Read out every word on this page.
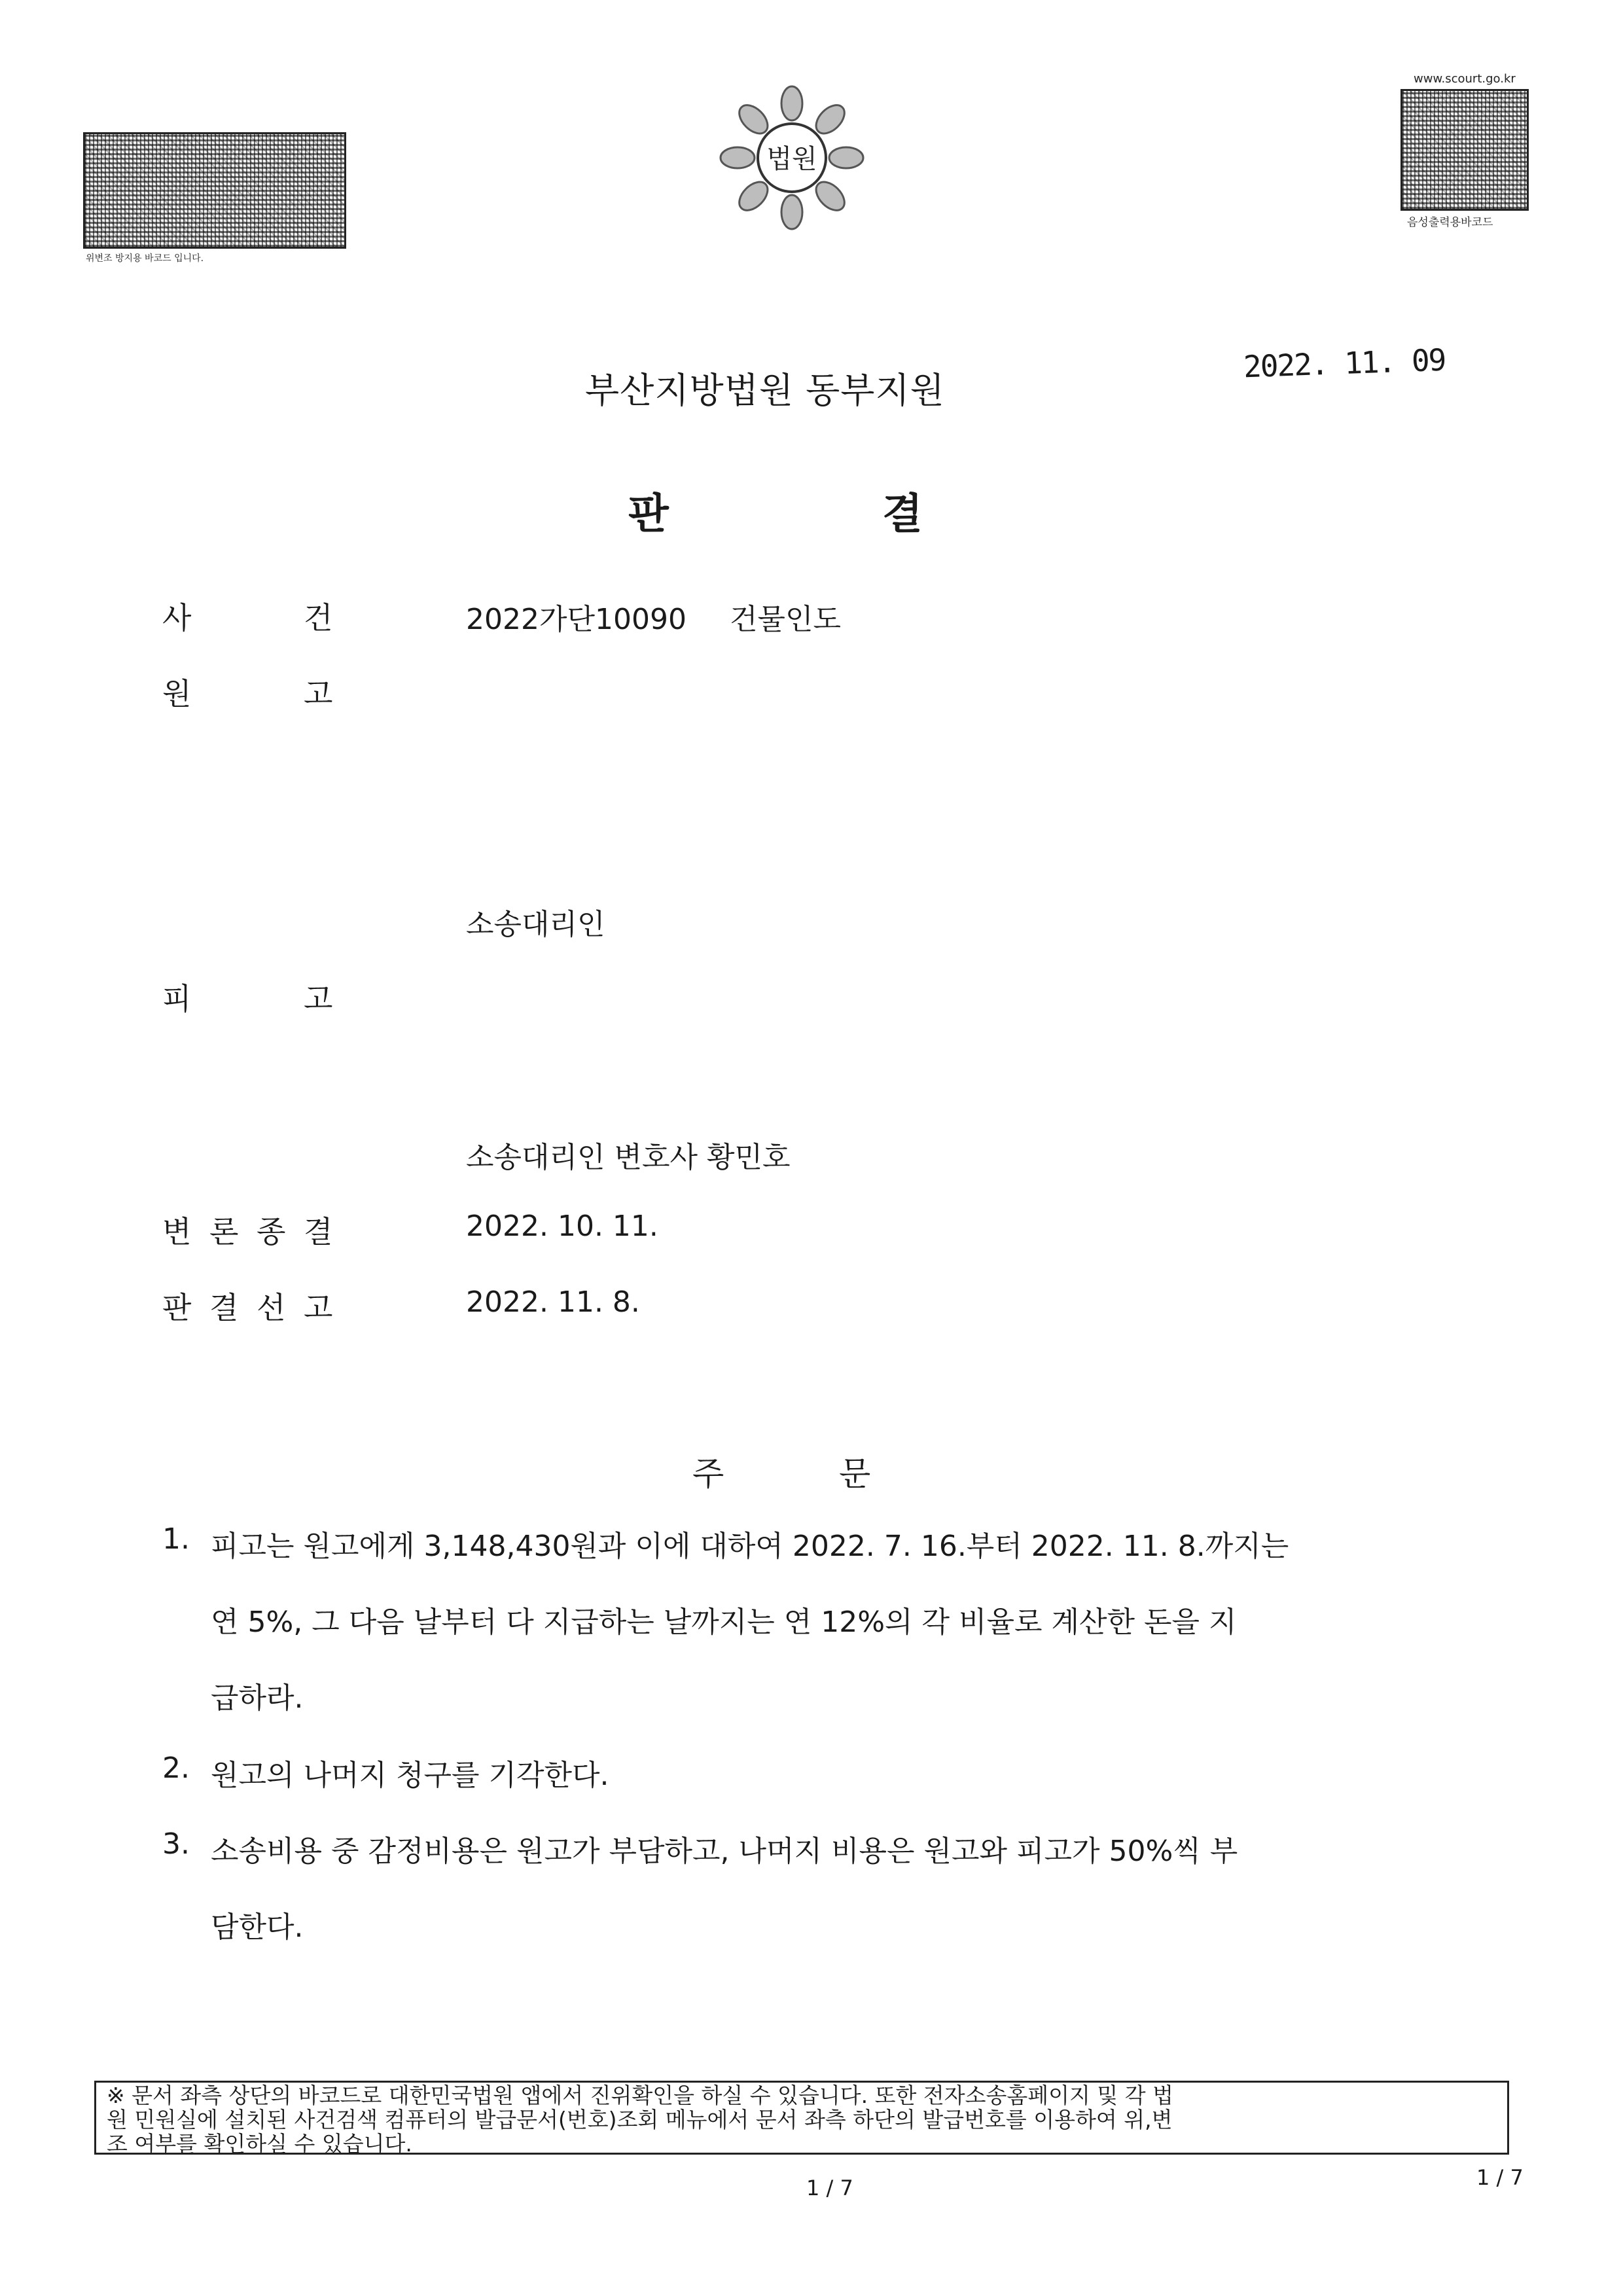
위변조 방지용 바코드 입니다.
법원
www.scourt.go.kr
음성출력용바코드
부산지방법원 동부지원
2022. 11. 09
판	결
사	건	2022가단10090 건물인도
원	고
소송대리인
피	고
소송대리인 변호사 황민호
변 론 종 결	2022. 10. 11.
판 결 선 고	2022. 11. 8.
주	문
1. 피고는 원고에게 3,148,430원과 이에 대하여 2022. 7. 16.부터 2022. 11. 8.까지는
연 5%, 그 다음 날부터 다 지급하는 날까지는 연 12%의 각 비율로 계산한 돈을 지
급하라.
2. 원고의 나머지 청구를 기각한다.
3. 소송비용 중 감정비용은 원고가 부담하고, 나머지 비용은 원고와 피고가 50%씩 부
담한다.
※ 문서 좌측 상단의 바코드로 대한민국법원 앱에서 진위확인을 하실 수 있습니다. 또한 전자소송홈페이지 및 각 법
원 민원실에 설치된 사건검색 컴퓨터의 발급문서(번호)조회 메뉴에서 문서 좌측 하단의 발급번호를 이용하여 위,변
조 여부를 확인하실 수 있습니다.
1 / 7	1 / 7
